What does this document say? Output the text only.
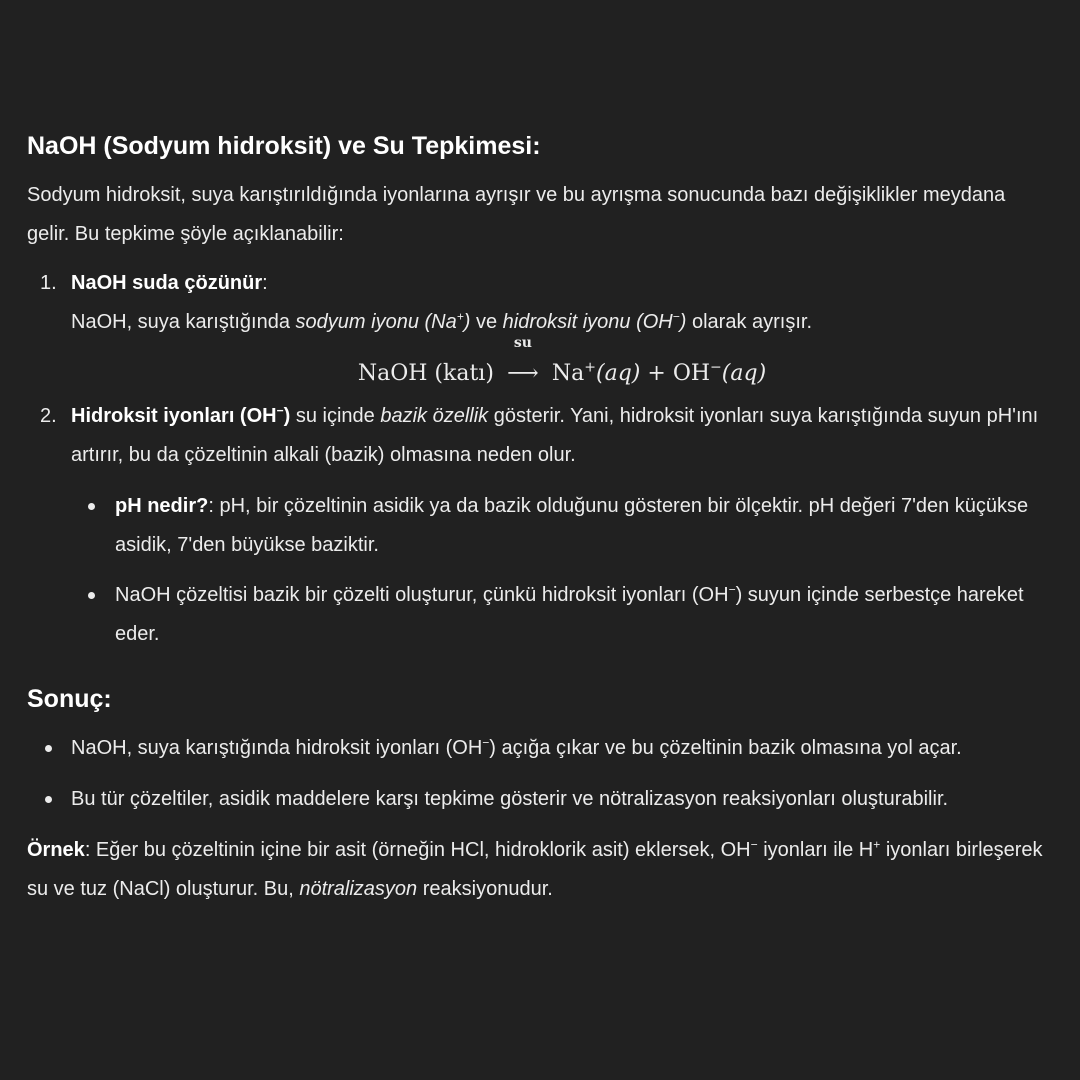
NaOH (Sodyum hidroksit) ve Su Tepkimesi:

Sodyum hidroksit, suya karıştırıldığında iyonlarına ayrışır ve bu ayrışma sonucunda bazı değişiklikler meydana gelir. Bu tepkime şöyle açıklanabilir:

1. NaOH suda çözünür:

NaOH, suya karıştığında sodyum iyonu (Na+) ve hidroksit iyonu (OH−) olarak ayrışır.

NaOH (katı)
su
⟶ Na+(aq) + OH−(aq)
2. Hidroksit iyonları (OH−) su içinde bazik özellik gösterir. Yani, hidroksit iyonları suya karıştığında suyun pH'ını artırır, bu da çözeltinin alkali (bazik) olmasına neden olur.

pH nedir?: pH, bir çözeltinin asidik ya da bazik olduğunu gösteren bir ölçektir. pH değeri 7'den küçükse asidik, 7'den büyükse baziktir.
NaOH çözeltisi bazik bir çözelti oluşturur, çünkü hidroksit iyonları (OH−) suyun içinde serbestçe hareket eder.
Sonuç:
NaOH, suya karıştığında hidroksit iyonları (OH−) açığa çıkar ve bu çözeltinin bazik olmasına yol açar.
Bu tür çözeltiler, asidik maddelere karşı tepkime gösterir ve nötralizasyon reaksiyonları oluşturabilir.

Örnek: Eğer bu çözeltinin içine bir asit (örneğin HCl, hidroklorik asit) eklersek, OH− iyonları ile H+ iyonları birleşerek su ve tuz (NaCl) oluşturur. Bu, nötralizasyon reaksiyonudur.
